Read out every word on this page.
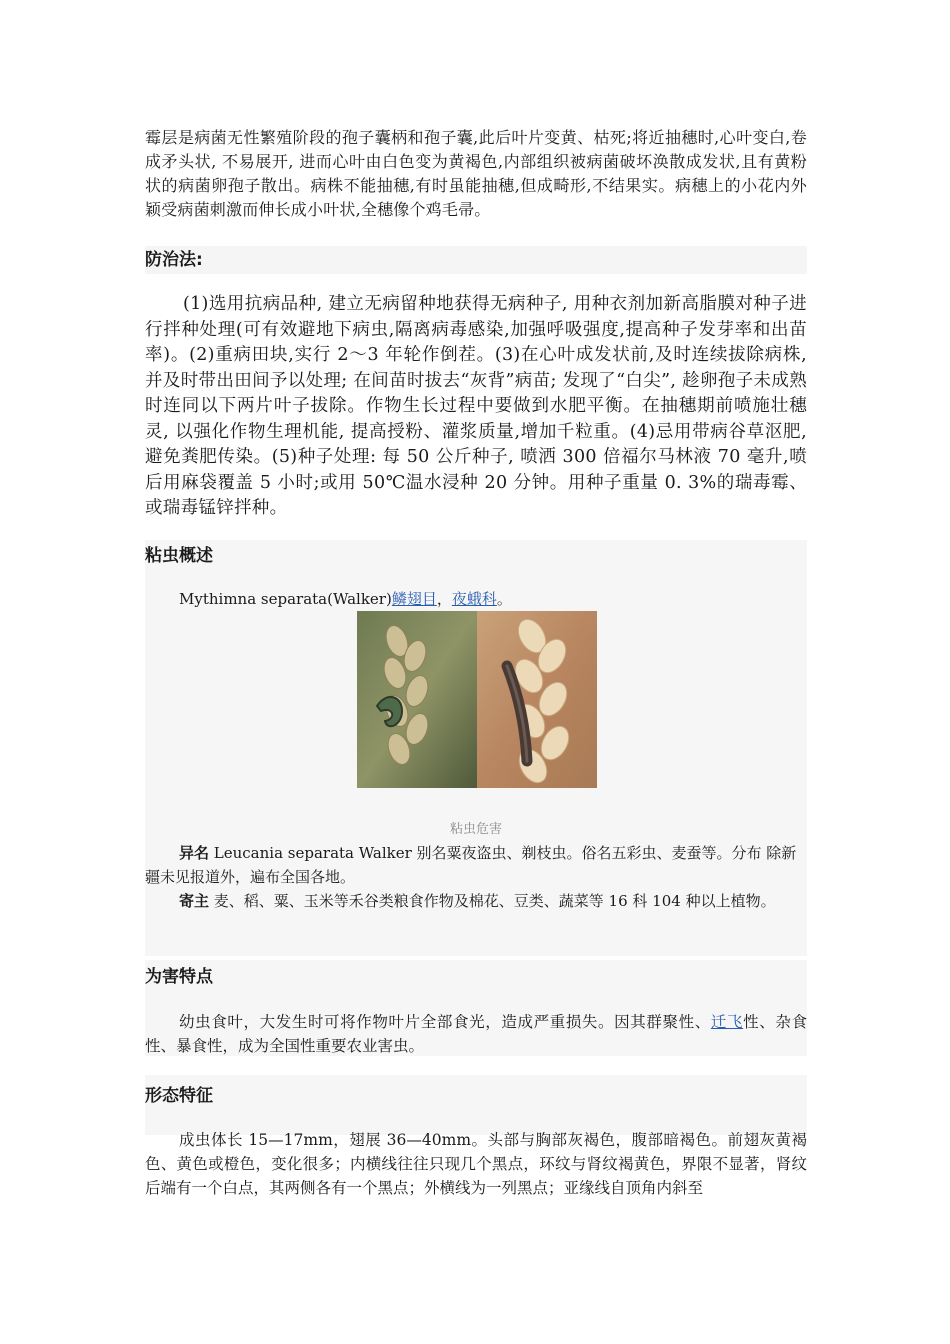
霉层是病菌无性繁殖阶段的孢子囊柄和孢子囊,此后叶片变黄、枯死;将近抽穗时,心叶变白,卷成矛头状, 不易展开, 进而心叶由白色变为黄褐色,内部组织被病菌破坏涣散成发状,且有黄粉状的病菌卵孢子散出。病株不能抽穗,有时虽能抽穗,但成畸形,不结果实。病穗上的小花内外颖受病菌刺激而伸长成小叶状,全穗像个鸡毛帚。
防治法:
(1)选用抗病品种, 建立无病留种地获得无病种子, 用种衣剂加新高脂膜对种子进行拌种处理(可有效避地下病虫,隔离病毒感染,加强呼吸强度,提高种子发芽率和出苗率)。(2)重病田块,实行 2～3 年轮作倒茬。(3)在心叶成发状前,及时连续拔除病株,并及时带出田间予以处理; 在间苗时拔去“灰背”病苗; 发现了“白尖”, 趁卵孢子未成熟时连同以下两片叶子拔除。作物生长过程中要做到水肥平衡。在抽穗期前喷施壮穗灵, 以强化作物生理机能, 提高授粉、灌浆质量,增加千粒重。(4)忌用带病谷草沤肥,避免粪肥传染。(5)种子处理: 每 50 公斤种子, 喷洒 300 倍福尔马林液 70 毫升,喷后用麻袋覆盖 5 小时;或用 50℃温水浸种 20 分钟。用种子重量 0. 3%的瑞毒霉、或瑞毒锰锌拌种。
粘虫概述
Mythimna separata(Walker)鳞翅目，夜蛾科。
粘虫危害
异名 Leucania separata Walker 别名粟夜盗虫、剃枝虫。俗名五彩虫、麦蚕等。分布 除新疆未见报道外，遍布全国各地。
寄主 麦、稻、粟、玉米等禾谷类粮食作物及棉花、豆类、蔬菜等 16 科 104 种以上植物。
为害特点
幼虫食叶，大发生时可将作物叶片全部食光，造成严重损失。因其群聚性、迁飞性、杂食性、暴食性，成为全国性重要农业害虫。
形态特征
成虫体长 15—17mm，翅展 36—40mm。头部与胸部灰褐色，腹部暗褐色。前翅灰黄褐色、黄色或橙色，变化很多；内横线往往只现几个黑点，环纹与肾纹褐黄色，界限不显著，肾纹后端有一个白点，其两侧各有一个黑点；外横线为一列黑点；亚缘线自顶角内斜至
